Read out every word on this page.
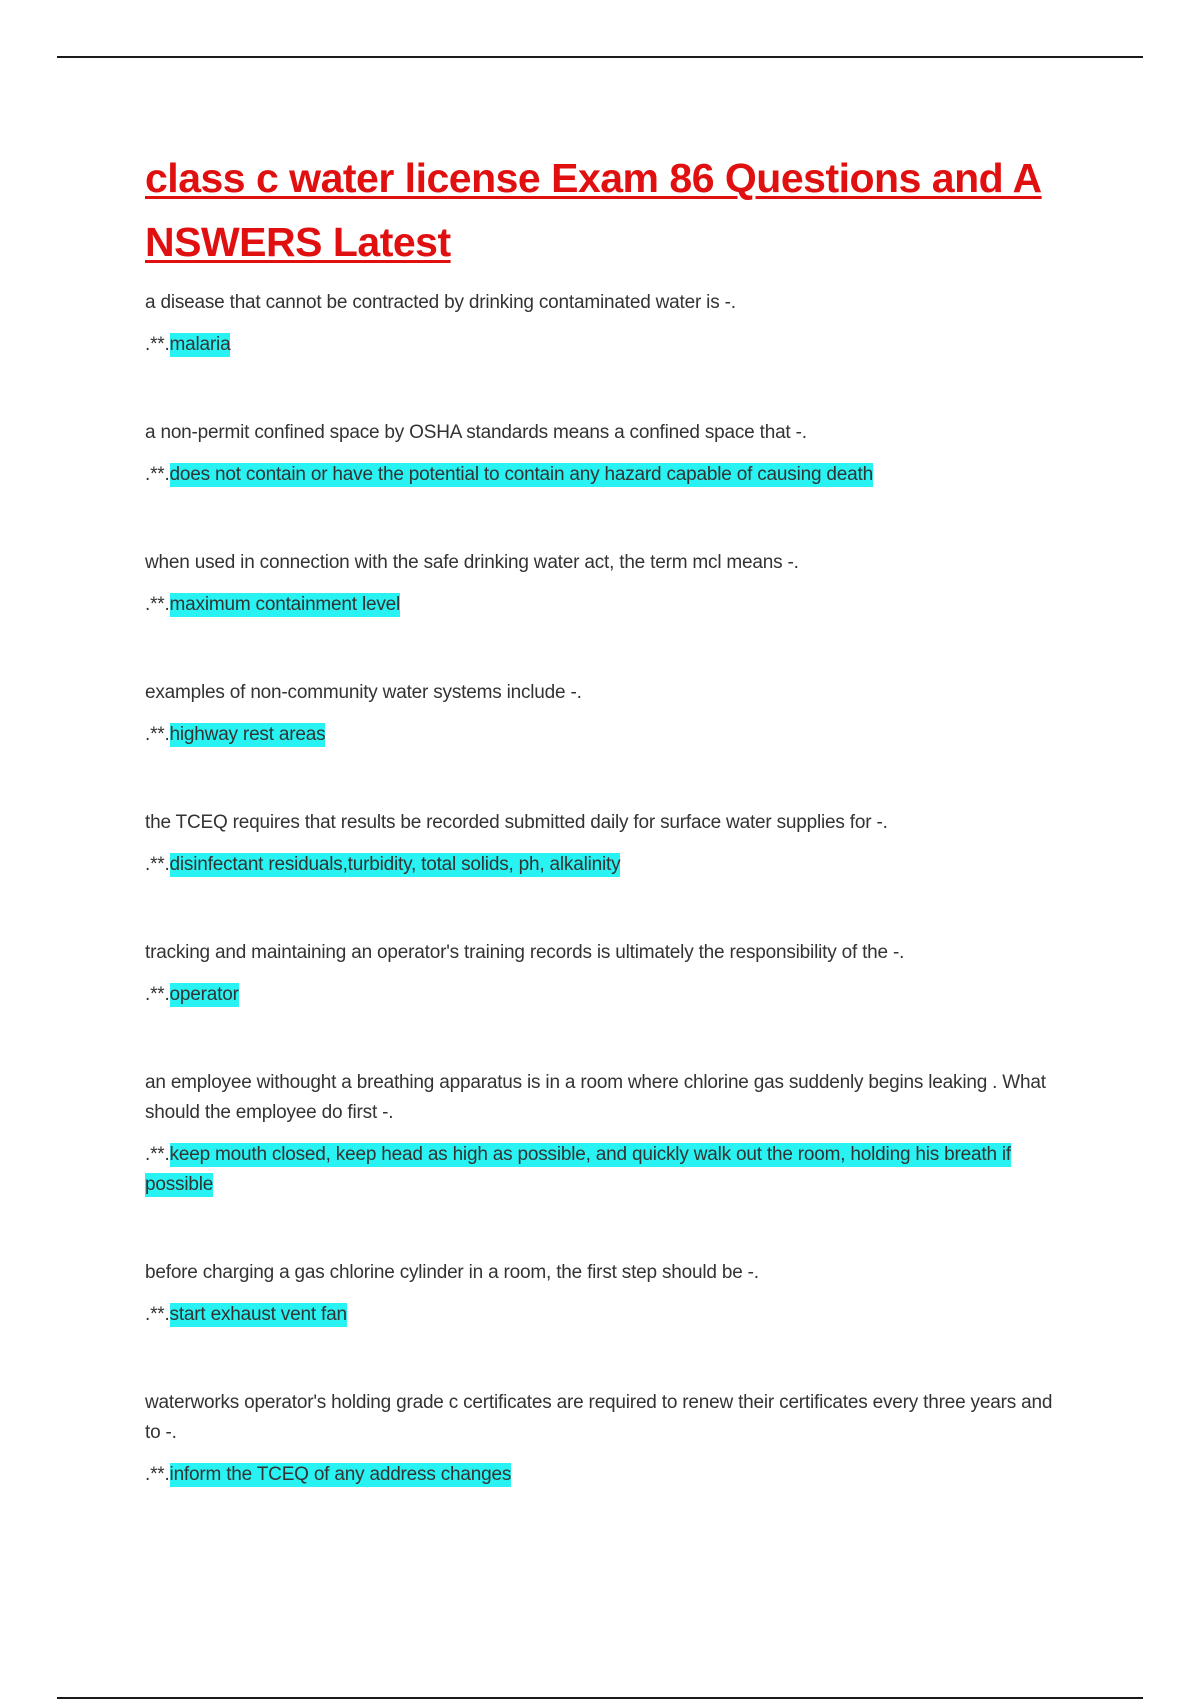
class c water license Exam 86 Questions and ANSWERS Latest

a disease that cannot be contracted by drinking contaminated water is -.

.**.malaria

a non-permit confined space by OSHA standards means a confined space that -.

.**.does not contain or have the potential to contain any hazard capable of causing death

when used in connection with the safe drinking water act, the term mcl means -.

.**.maximum containment level

examples of non-community water systems include -.

.**.highway rest areas

the TCEQ requires that results be recorded submitted daily for surface water supplies for -.

.**.disinfectant residuals,turbidity, total solids, ph, alkalinity

tracking and maintaining an operator's training records is ultimately the responsibility of the -.

.**.operator

an employee withought a breathing apparatus is in a room where chlorine gas suddenly begins leaking . What should the employee do first -.

.**.keep mouth closed, keep head as high as possible, and quickly walk out the room, holding his breath if possible

before charging a gas chlorine cylinder in a room, the first step should be -.

.**.start exhaust vent fan

waterworks operator's holding grade c certificates are required to renew their certificates every three years and to -.

.**.inform the TCEQ of any address changes
